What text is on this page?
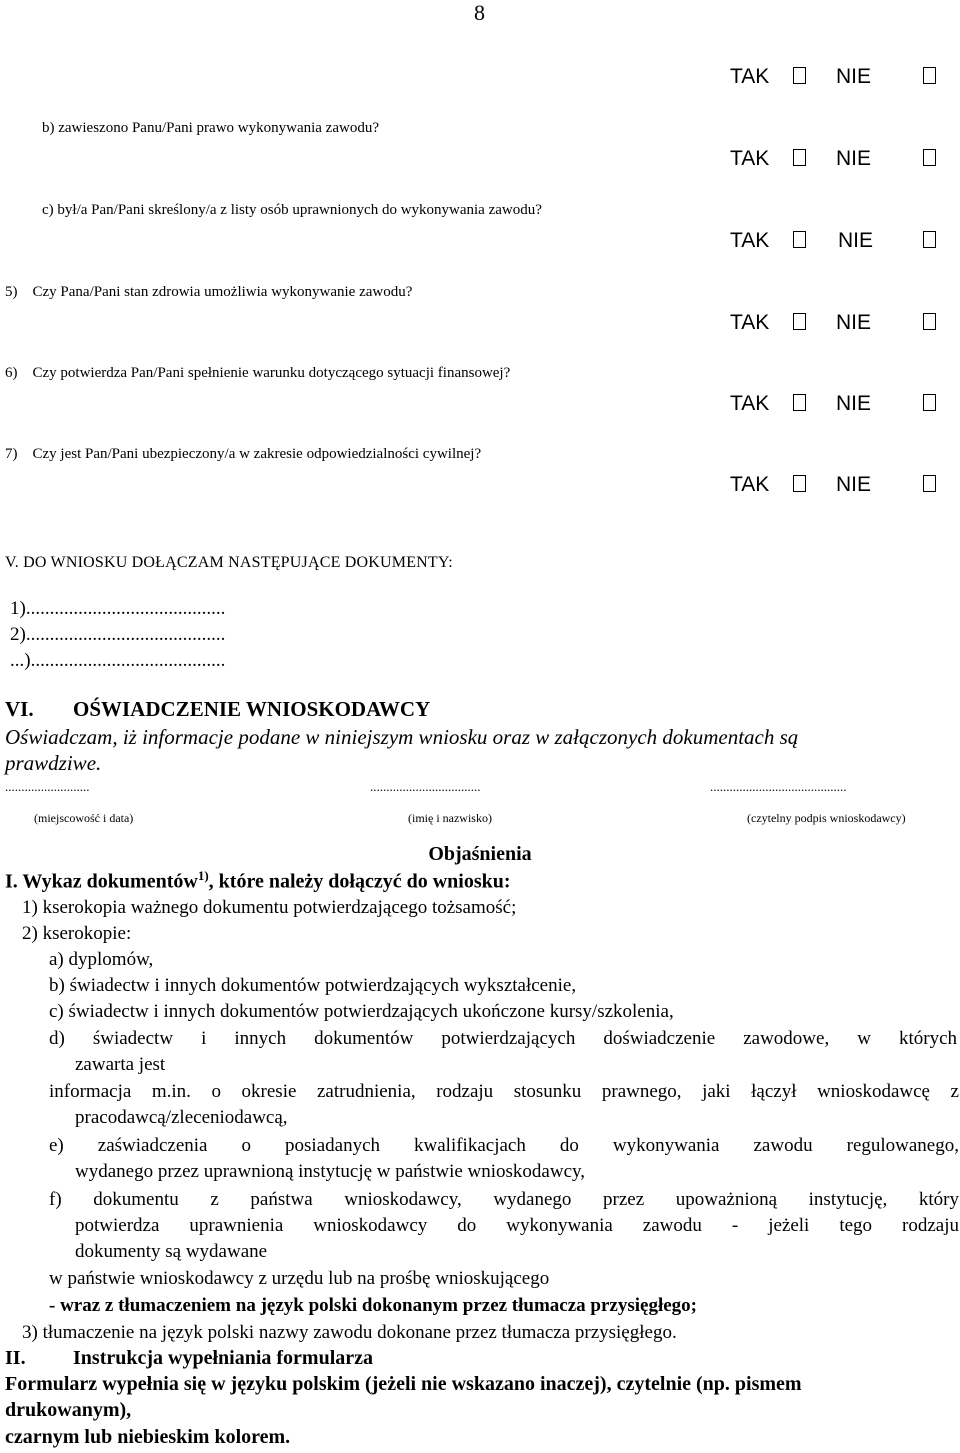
8
TAK	NIE
TAK	NIE
TAK	NIE
TAK	NIE
TAK	NIE
TAK	NIE
b) zawieszono Panu/Pani prawo wykonywania zawodu?
c) był/a Pan/Pani skreślony/a z listy osób uprawnionych do wykonywania zawodu?
5)    Czy Pana/Pani stan zdrowia umożliwia wykonywanie zawodu?
6)    Czy potwierdza Pan/Pani spełnienie warunku dotyczącego sytuacji finansowej?
7)    Czy jest Pan/Pani ubezpieczony/a w zakresie odpowiedzialności cywilnej?
V. DO WNIOSKU DOŁĄCZAM NASTĘPUJĄCE DOKUMENTY:
1)..........................................
2)..........................................
...).........................................
VI. OŚWIADCZENIE WNIOSKODAWCY
Oświadczam, iż informacje podane w niniejszym wniosku oraz w załączonych dokumentach są
prawdziwe.
..........................	..................................	..........................................
(miejscowość i data)	(imię i nazwisko)	(czytelny podpis wnioskodawcy)
Objaśnienia
I. Wykaz dokumentów$^{1)}$, które należy dołączyć do wniosku:
1) kserokopia ważnego dokumentu potwierdzającego tożsamość;
2) kserokopie:
a) dyplomów,
b) świadectw i innych dokumentów potwierdzających wykształcenie,
c) świadectw i innych dokumentów potwierdzających ukończone kursy/szkolenia,
d) świadectw i innych dokumentów potwierdzających doświadczenie zawodowe, w których
zawarta jest
informacja m.in. o okresie zatrudnienia, rodzaju stosunku prawnego, jaki łączył wnioskodawcę z
pracodawcą/zleceniodawcą,
e) zaświadczenia o posiadanych kwalifikacjach do wykonywania zawodu regulowanego,
wydanego przez uprawnioną instytucję w państwie wnioskodawcy,
f) dokumentu z państwa wnioskodawcy, wydanego przez upoważnioną instytucję, który
potwierdza uprawnienia wnioskodawcy do wykonywania zawodu - jeżeli tego rodzaju
dokumenty są wydawane
w państwie wnioskodawcy z urzędu lub na prośbę wnioskującego
- wraz z tłumaczeniem na język polski dokonanym przez tłumacza przysięgłego;
3) tłumaczenie na język polski nazwy zawodu dokonane przez tłumacza przysięgłego.
II. Instrukcja wypełniania formularza
Formularz wypełnia się w języku polskim (jeżeli nie wskazano inaczej), czytelnie (np. pismem
drukowanym),
czarnym lub niebieskim kolorem.
